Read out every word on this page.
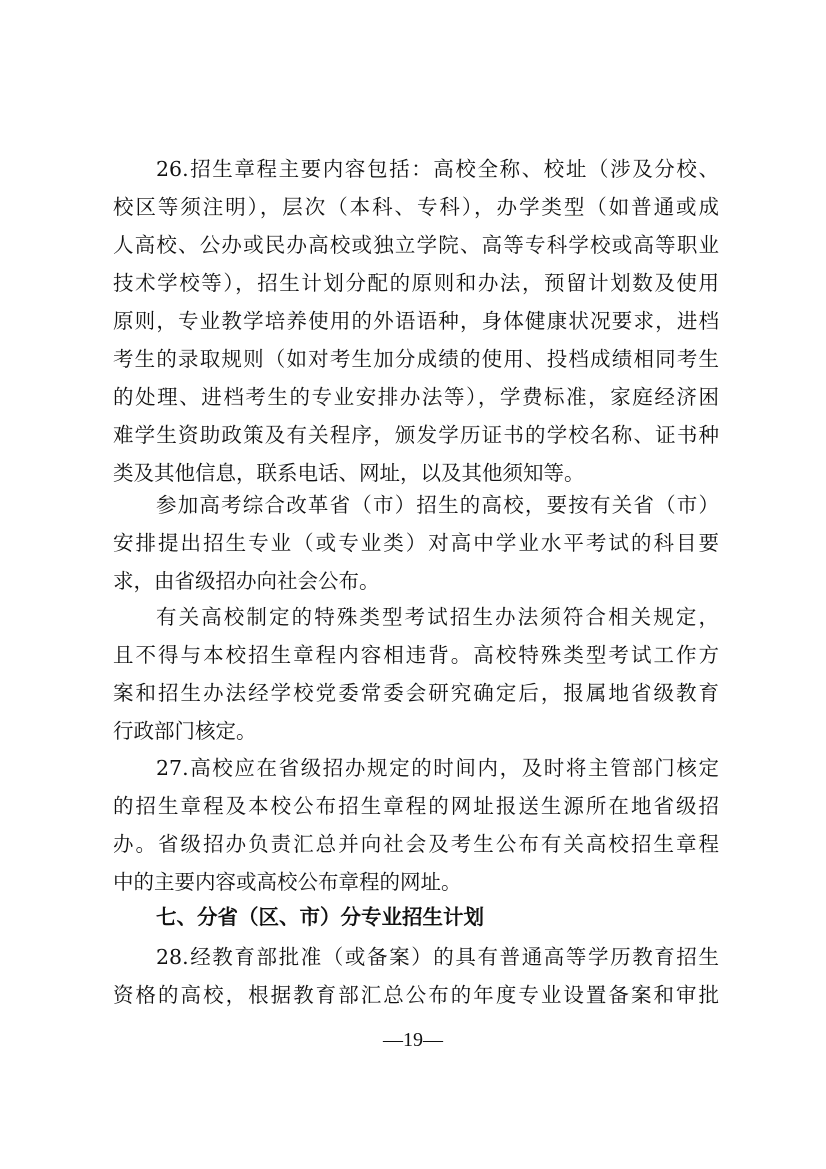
26.招生章程主要内容包括：高校全称、校址（涉及分校、
校区等须注明），层次（本科、专科），办学类型（如普通或成
人高校、公办或民办高校或独立学院、高等专科学校或高等职业
技术学校等），招生计划分配的原则和办法，预留计划数及使用
原则，专业教学培养使用的外语语种，身体健康状况要求，进档
考生的录取规则（如对考生加分成绩的使用、投档成绩相同考生
的处理、进档考生的专业安排办法等），学费标准，家庭经济困
难学生资助政策及有关程序，颁发学历证书的学校名称、证书种
类及其他信息，联系电话、网址，以及其他须知等。
参加高考综合改革省（市）招生的高校，要按有关省（市）
安排提出招生专业（或专业类）对高中学业水平考试的科目要
求，由省级招办向社会公布。
有关高校制定的特殊类型考试招生办法须符合相关规定，
且不得与本校招生章程内容相违背。高校特殊类型考试工作方
案和招生办法经学校党委常委会研究确定后，报属地省级教育
行政部门核定。
27.高校应在省级招办规定的时间内，及时将主管部门核定
的招生章程及本校公布招生章程的网址报送生源所在地省级招
办。省级招办负责汇总并向社会及考生公布有关高校招生章程
中的主要内容或高校公布章程的网址。
七、分省（区、市）分专业招生计划
28.经教育部批准（或备案）的具有普通高等学历教育招生
资格的高校，根据教育部汇总公布的年度专业设置备案和审批
—19—
